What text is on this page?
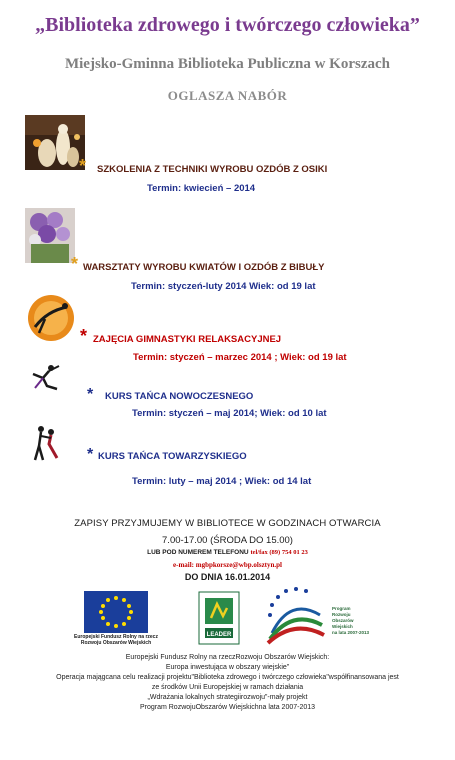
„Biblioteka zdrowego i twórczego człowieka”
Miejsko-Gminna Biblioteka Publiczna w Korszach
OGLASZA NABÓR
* SZKOLENIA Z TECHNIKI WYROBU OZDÓB Z OSIKI
Termin: kwiecień – 2014
* WARSZTATY WYROBU KWIATÓW I OZDÓB Z BIBUŁY
Termin: styczeń-luty 2014 Wiek: od 19 lat
* ZAJĘCIA GIMNASTYKI RELAKSACYJNEJ
Termin: styczeń – marzec 2014 ; Wiek: od 19 lat
* KURS TAŃCA NOWOCZESNEGO
Termin: styczeń – maj 2014; Wiek: od 10 lat
* KURS TAŃCA TOWARZYSKIEGO
Termin: luty – maj 2014 ; Wiek: od 14 lat
ZAPISY PRZYJMUJEMY W BIBLIOTECE W GODZINACH OTWARCIA
7.00-17.00 (ŚRODA DO 15.00)
LUB POD NUMEREM TELEFONU tel/fax (89) 754 01 23
e-mail: mgbpkorsze@wbp.olsztyn.pl
DO DNIA 16.01.2014
Europejski Fundusz Rolny na rzecz
Rozwoju Obszarów Wiejskich
LEADER
Program
Rozwoju
Obszarów
Wiejskich
na lata 2007-2013
Europejski Fundusz Rolny na rzeczRozwoju Obszarów Wiejskich:
Europa inwestująca w obszary wiejskie”
Operacja majągcana celu realizacji projektu"Biblioteka zdrowego i twórczego człowieka"współfinansowana jest
ze środków Unii Europejskiej w ramach działania
„Wdrażania lokalnych strategiirozwoju”-mały projekt
Program RozwojuObszarów Wiejskichna lata 2007-2013
